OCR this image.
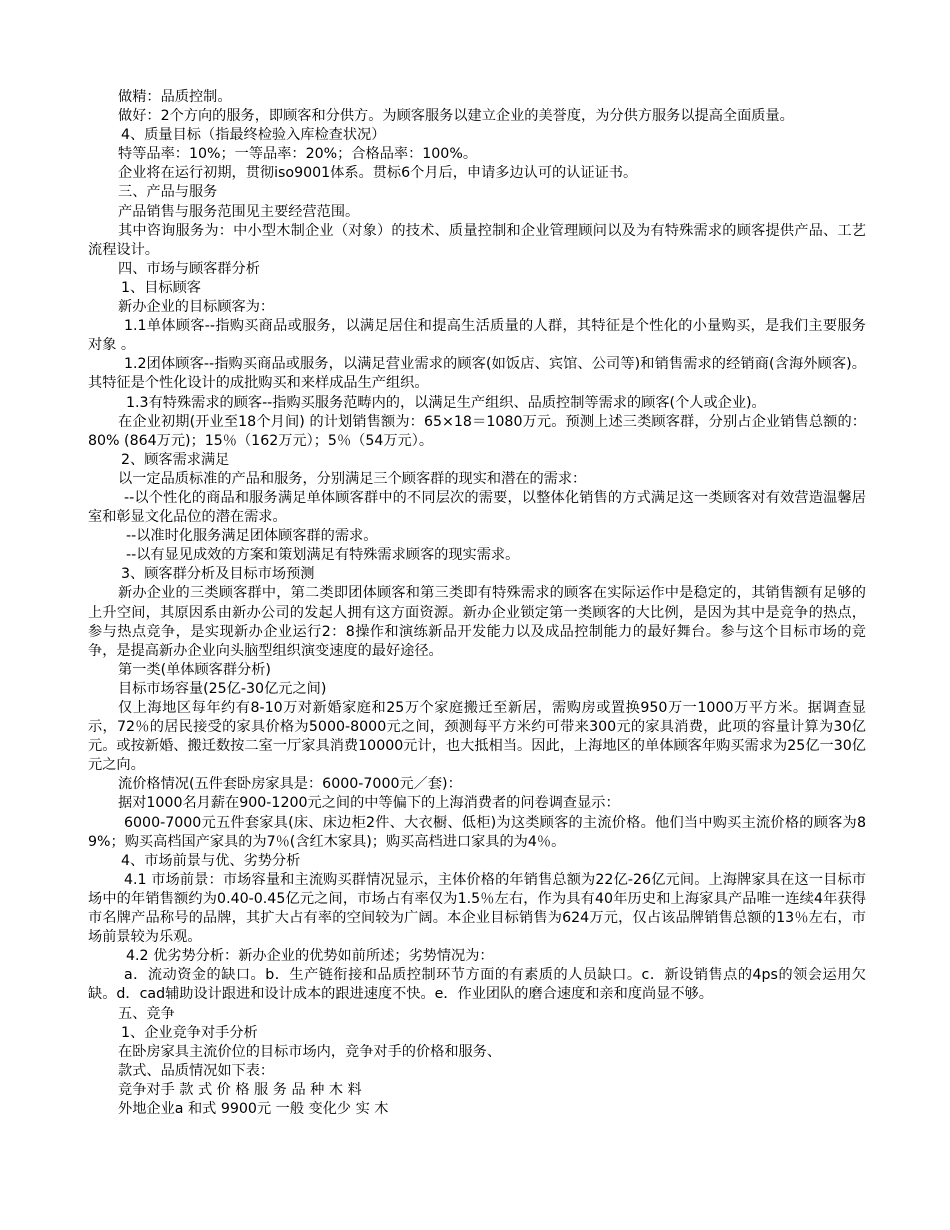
做精：品质控制。
做好：2个方向的服务，即顾客和分供方。为顾客服务以建立企业的美誉度，为分供方服务以提高全面质量。
4、质量目标（指最终检验入库检查状况）
特等品率：10%；一等品率：20%；合格品率：100%。
企业将在运行初期，贯彻iso9001体系。贯标6个月后，申请多边认可的认证证书。
三、产品与服务
产品销售与服务范围见主要经营范围。
其中咨询服务为：中小型木制企业（对象）的技术、质量控制和企业管理顾问以及为有特殊需求的顾客提供产品、工艺流程设计。
四、市场与顾客群分析
1、目标顾客
新办企业的目标顾客为：
1.1单体顾客--指购买商品或服务，以满足居住和提高生活质量的人群，其特征是个性化的小量购买，是我们主要服务对象 。
1.2团体顾客--指购买商品或服务，以满足营业需求的顾客(如饭店、宾馆、公司等)和销售需求的经销商(含海外顾客)。其特征是个性化设计的成批购买和来样成品生产组织。
1.3有特殊需求的顾客--指购买服务范畴内的，以满足生产组织、品质控制等需求的顾客(个人或企业)。
在企业初期(开业至18个月间) 的计划销售额为：65×18＝1080万元。预测上述三类顾客群，分别占企业销售总额的：80% (864万元)；15％（162万元）；5％（54万元）。
2、顾客需求满足
以一定品质标准的产品和服务，分别满足三个顾客群的现实和潜在的需求：
--以个性化的商品和服务满足单体顾客群中的不同层次的需要，以整体化销售的方式满足这一类顾客对有效营造温馨居室和彰显文化品位的潜在需求。
--以准时化服务满足团体顾客群的需求。
--以有显见成效的方案和策划满足有特殊需求顾客的现实需求。
3、顾客群分析及目标市场预测
新办企业的三类顾客群中，第二类即团体顾客和第三类即有特殊需求的顾客在实际运作中是稳定的，其销售额有足够的上升空间，其原因系由新办公司的发起人拥有这方面资源。新办企业锁定第一类顾客的大比例，是因为其中是竞争的热点，参与热点竞争，是实现新办企业运行2：8操作和演练新品开发能力以及成品控制能力的最好舞台。参与这个目标市场的竞争，是提高新办企业向头脑型组织演变速度的最好途径。
第一类(单体顾客群分析)
目标市场容量(25亿-30亿元之间)
仅上海地区每年约有8-10万对新婚家庭和25万个家庭搬迁至新居，需购房或置换950万一1000万平方米。据调查显示，72％的居民接受的家具价格为5000-8000元之间，颈测每平方米约可带来300元的家具消费，此项的容量计算为30亿元。或按新婚、搬迁数按二室一厅家具消费10000元计，也大抵相当。因此，上海地区的单体顾客年购买需求为25亿一30亿元之向。
流价格情况(五件套卧房家具是：6000-7000元／套)：
据对1000名月薪在900-1200元之间的中等偏下的上海消费者的问卷调查显示：
6000-7000元五件套家具(床、床边柜2件、大衣橱、低柜)为这类顾客的主流价格。他们当中购买主流价格的顾客为89%；购买高档国产家具的为7％(含红木家具)；购买高档进口家具的为4％。
4、市场前景与优、劣势分析
4.1 市场前景：市场容量和主流购买群情况显示，主体价格的年销售总额为22亿-26亿元间。上海牌家具在这一目标市场中的年销售额约为0.40-0.45亿元之间，市场占有率仅为1.5％左右，作为具有40年历史和上海家具产品唯一连续4年获得市名牌产品称号的品牌，其扩大占有率的空间较为广阔。本企业目标销售为624万元，仅占该品牌销售总额的13％左右，市场前景较为乐观。
4.2 优劣势分析：新办企业的优势如前所述；劣势情况为：
a．流动资金的缺口。b．生产链衔接和品质控制环节方面的有素质的人员缺口。c．新设销售点的4ps的领会运用欠缺。d．cad辅助设计跟进和设计成本的跟进速度不快。e．作业团队的磨合速度和亲和度尚显不够。
五、竞争
1、企业竞争对手分析
在卧房家具主流价位的目标市场内，竞争对手的价格和服务、
款式、品质情况如下表：
竞争对手 款 式 价 格 服 务 品 种 木 料
外地企业a 和式 9900元 一般 变化少 实 木
